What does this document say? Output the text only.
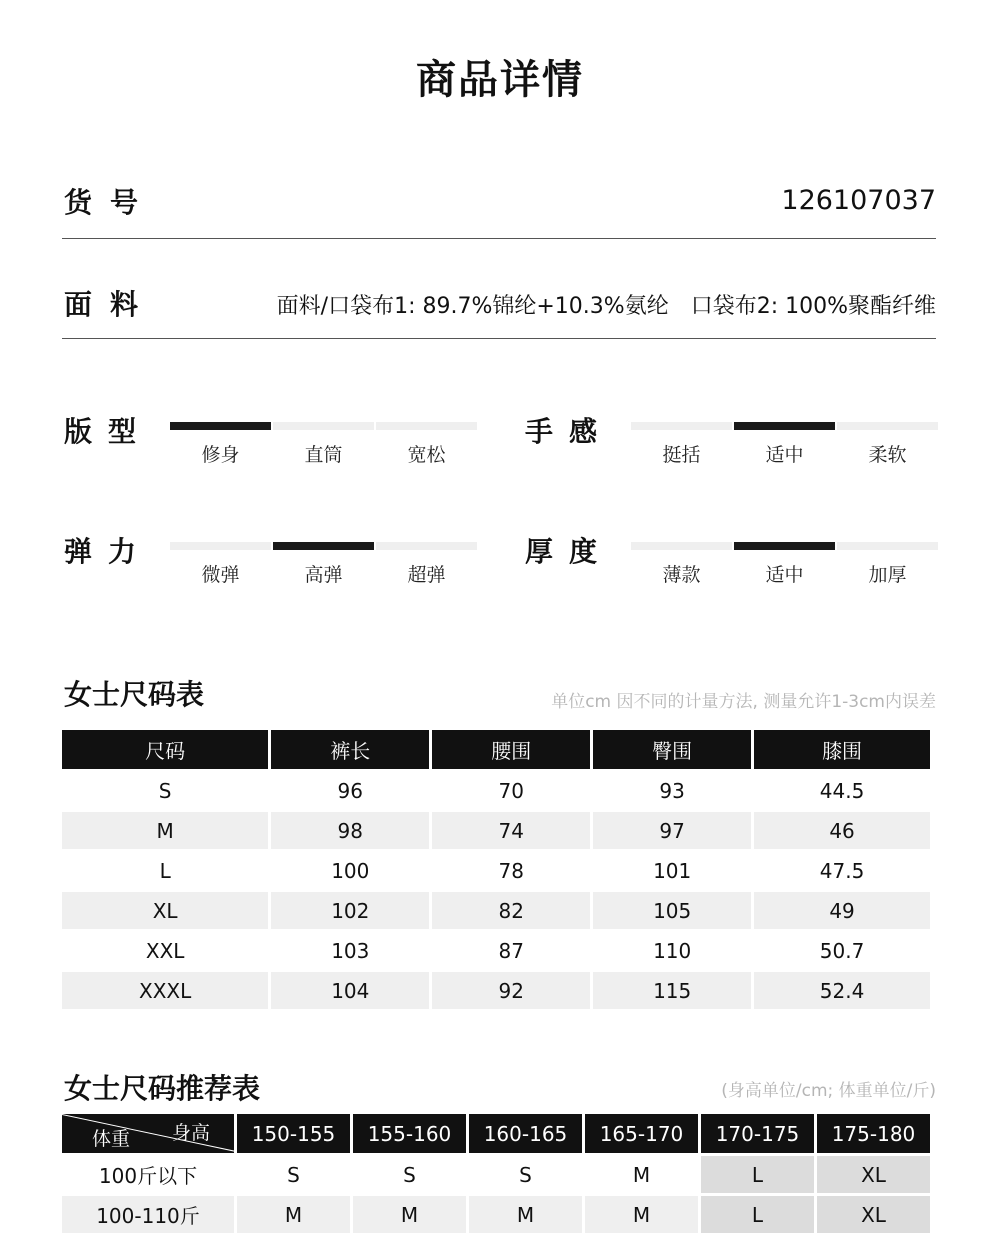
商品详情
货号	126107037
面料	面料/口袋布1: 89.7%锦纶+10.3%氨纶　口袋布2: 100%聚酯纤维
版型
修身	直筒	宽松
手感
挺括	适中	柔软
弹力
微弹	高弹	超弹
厚度
薄款	适中	加厚
女士尺码表	单位cm 因不同的计量方法, 测量允许1-3cm内误差
尺码	裤长	腰围	臀围	膝围
S	96	70	93	44.5
M	98	74	97	46
L	100	78	101	47.5
XL	102	82	105	49
XXL	103	87	110	50.7
XXXL	104	92	115	52.4
女士尺码推荐表	(身高单位/cm; 体重单位/斤)
身高
体重	150-155	155-160	160-165	165-170	170-175	175-180
100斤以下	S	S	S	M	L	XL
100-110斤	M	M	M	M	L	XL
